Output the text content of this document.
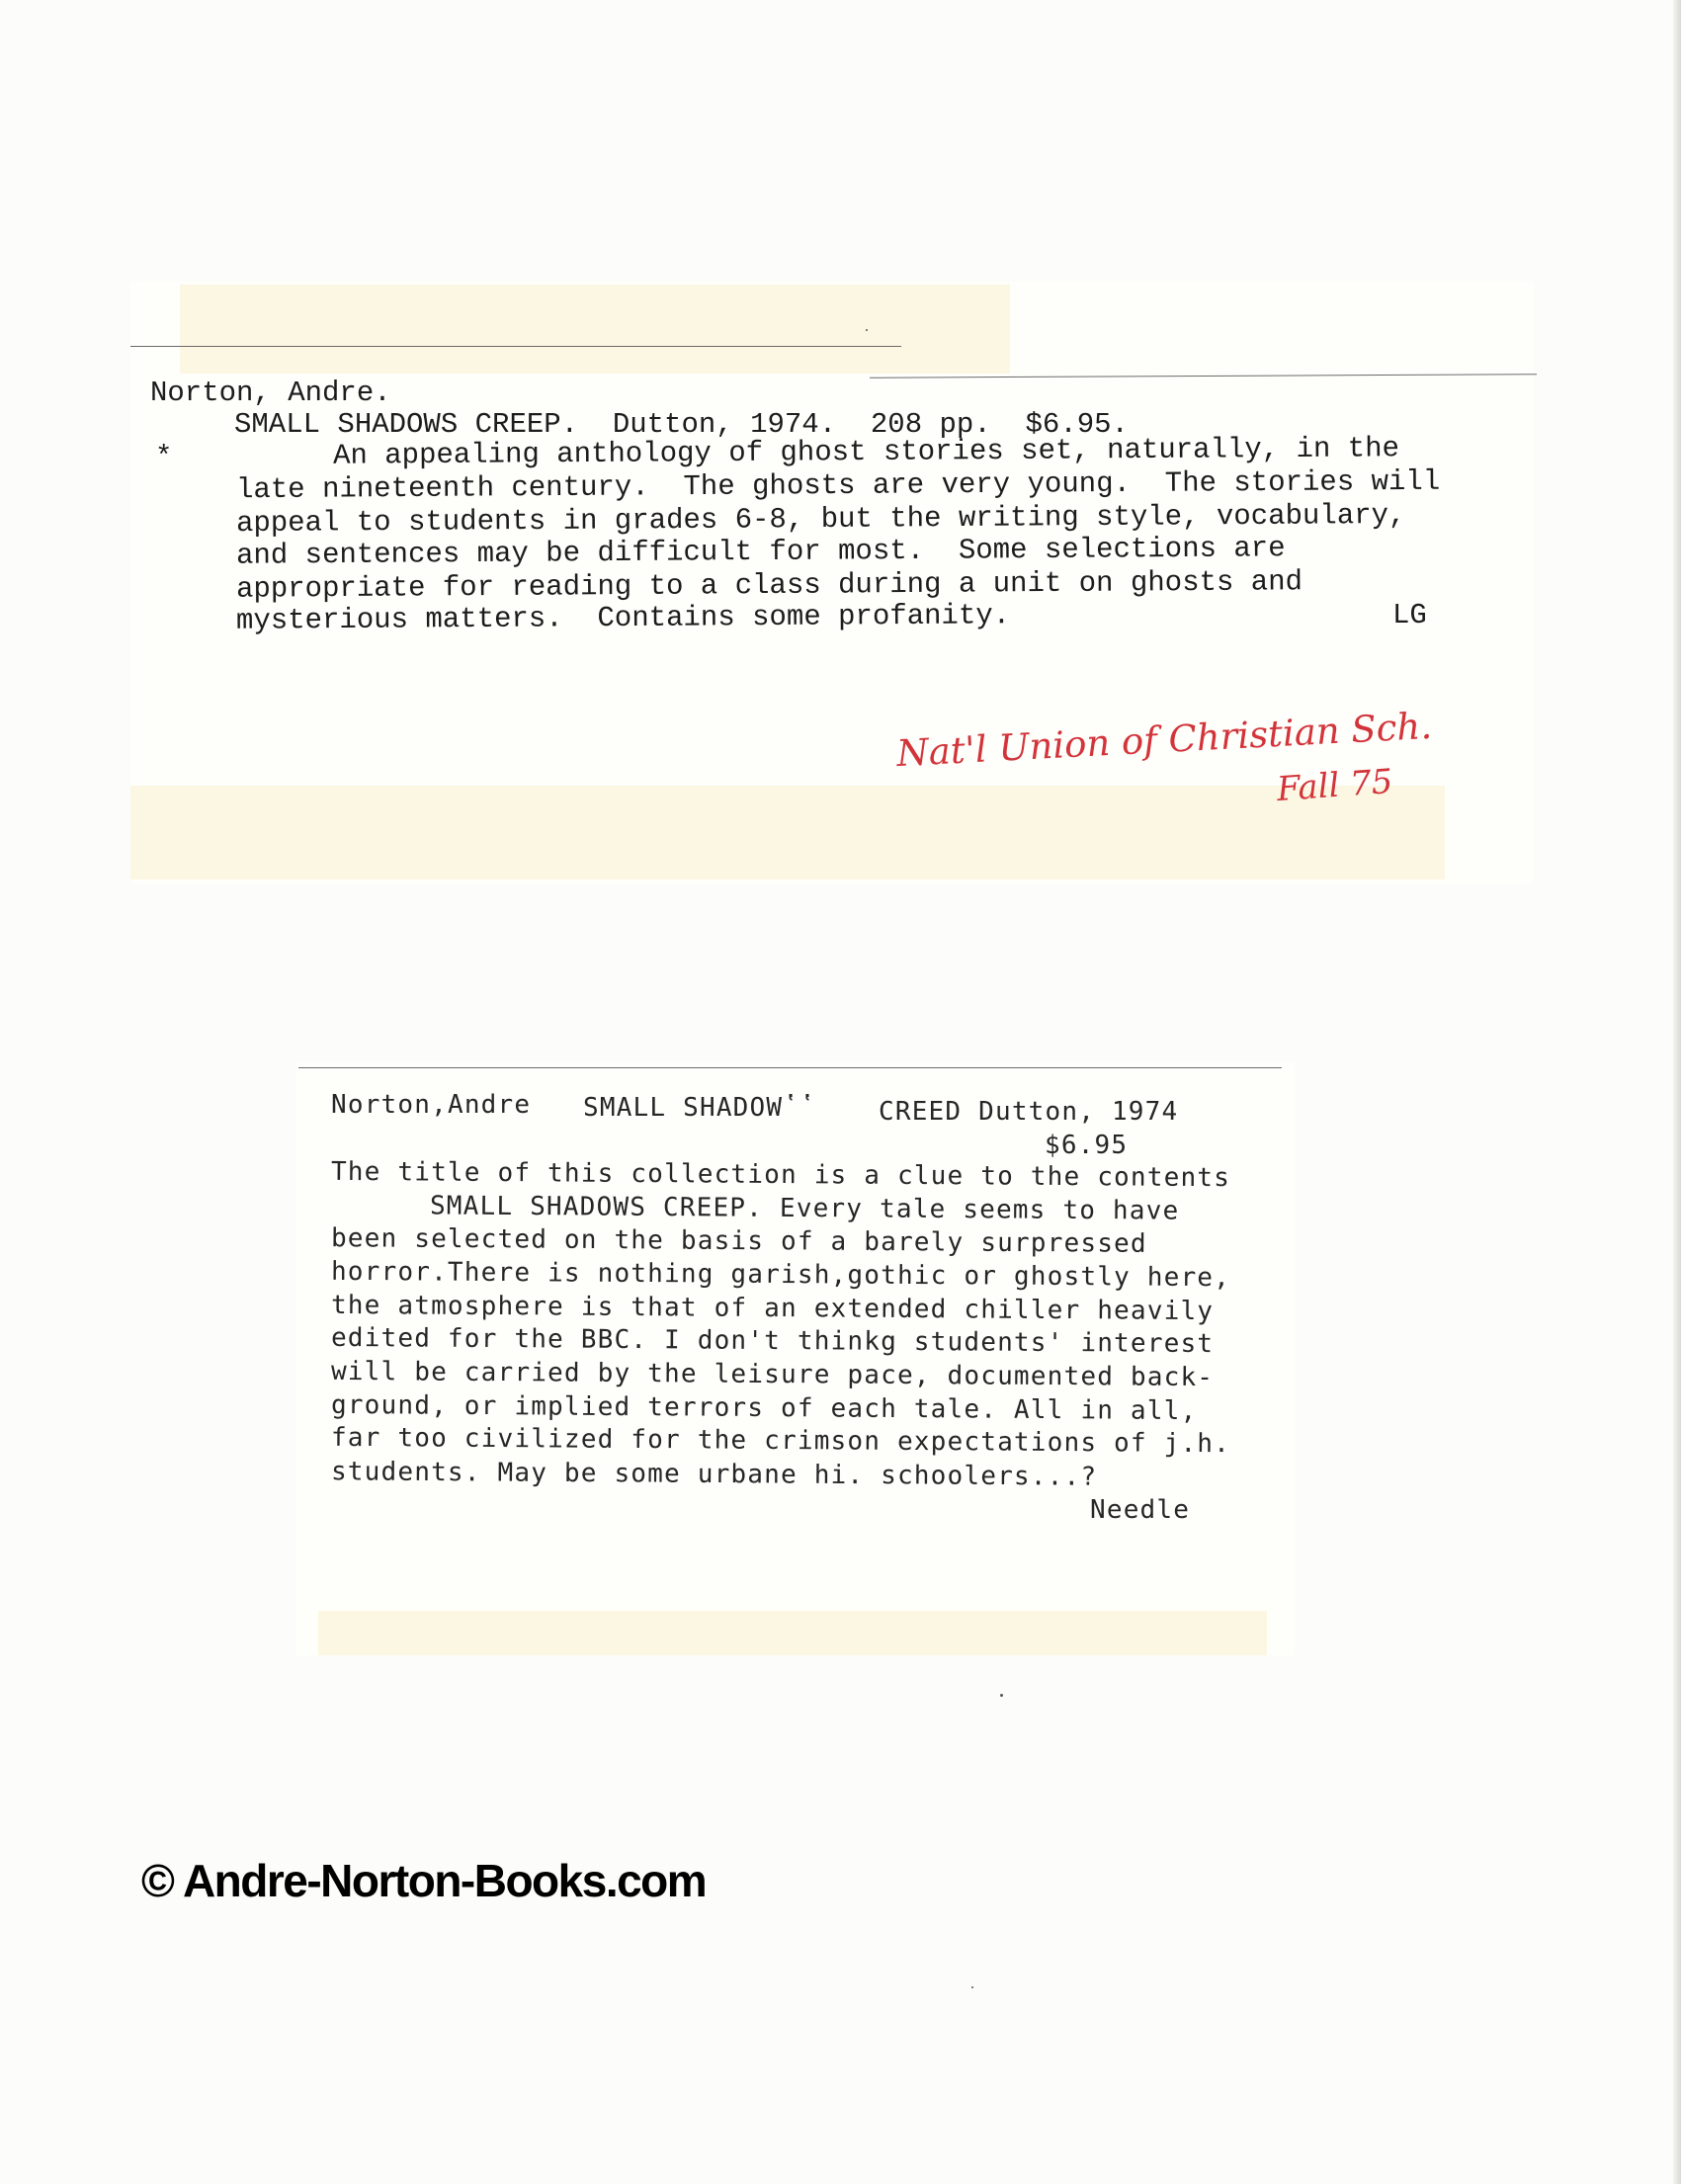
Norton, Andre.
SMALL SHADOWS CREEP.  Dutton, 1974.  208 pp.  $6.95.
*	An appealing anthology of ghost stories set, naturally, in the
late nineteenth century.  The ghosts are very young.  The stories will
appeal to students in grades 6-8, but the writing style, vocabulary,
and sentences may be difficult for most.  Some selections are
appropriate for reading to a class during a unit on ghosts and
mysterious matters.  Contains some profanity.	LG
Nat'l Union of Christian Sch.
Fall 75
Norton,Andre SMALL SHADOWʽʽ CREED Dutton, 1974
$6.95
The title of this collection is a clue to the contents
SMALL SHADOWS CREEP. Every tale seems to have
been selected on the basis of a barely surpressed
horror.There is nothing garish,gothic or ghostly here,
the atmosphere is that of an extended chiller heavily
edited for the BBC. I don't thinkg students' interest
will be carried by the leisure pace, documented back-
ground, or implied terrors of each tale. All in all,
far too civilized for the crimson expectations of j.h.
students. May be some urbane hi. schoolers...?
Needle
© Andre-Norton-Books.com
